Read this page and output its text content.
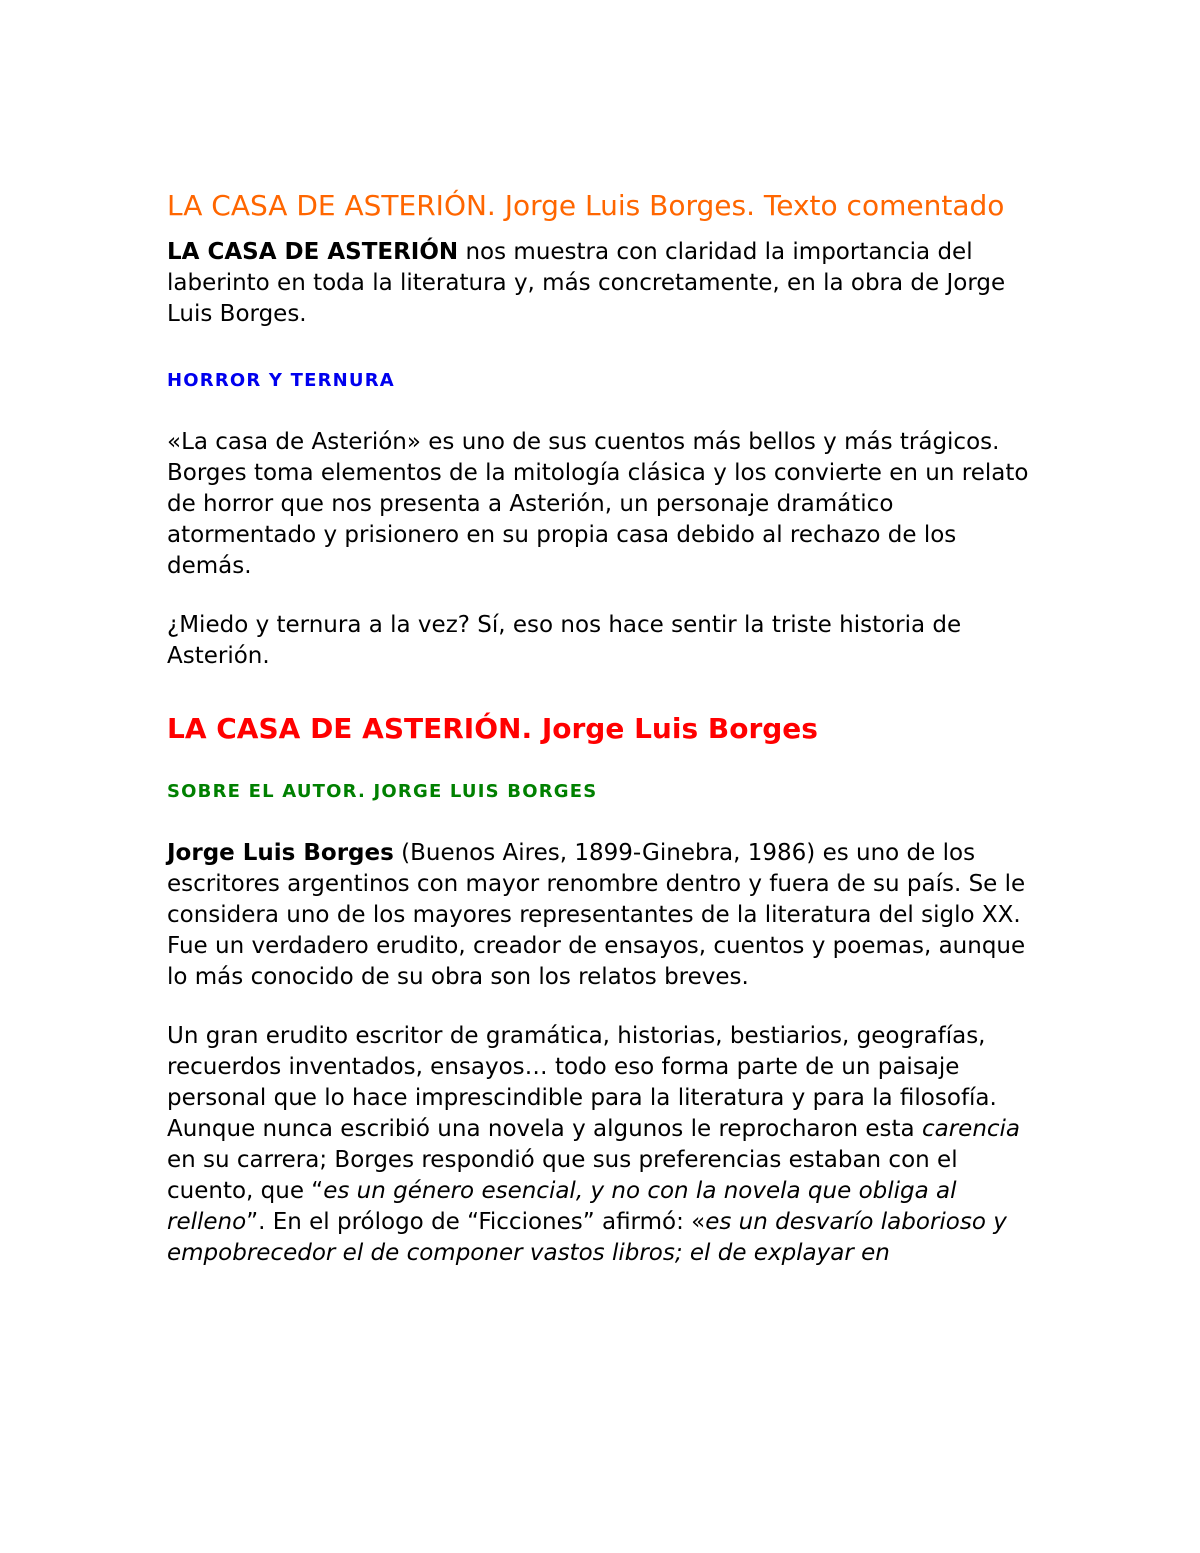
LA CASA DE ASTERIÓN. Jorge Luis Borges. Texto comentado

LA CASA DE ASTERIÓN nos muestra con claridad la importancia del laberinto en toda la literatura y, más concretamente, en la obra de Jorge Luis Borges.

HORROR Y TERNURA

«La casa de Asterión» es uno de sus cuentos más bellos y más trágicos. Borges toma elementos de la mitología clásica y los convierte en un relato de horror que nos presenta a Asterión, un personaje dramático atormentado y prisionero en su propia casa debido al rechazo de los demás.

¿Miedo y ternura a la vez? Sí, eso nos hace sentir la triste historia de Asterión.

LA CASA DE ASTERIÓN. Jorge Luis Borges
SOBRE EL AUTOR. JORGE LUIS BORGES

Jorge Luis Borges (Buenos Aires, 1899-Ginebra, 1986) es uno de los escritores argentinos con mayor renombre dentro y fuera de su país. Se le considera uno de los mayores representantes de la literatura del siglo XX. Fue un verdadero erudito, creador de ensayos, cuentos y poemas, aunque lo más conocido de su obra son los relatos breves.

Un gran erudito escritor de gramática, historias, bestiarios, geografías, recuerdos inventados, ensayos… todo eso forma parte de un paisaje personal que lo hace imprescindible para la literatura y para la filosofía. Aunque nunca escribió una novela y algunos le reprocharon esta carencia en su carrera; Borges respondió que sus preferencias estaban con el cuento, que “es un género esencial, y no con la novela que obliga al relleno”. En el prólogo de “Ficciones” afirmó: «es un desvarío laborioso y empobrecedor el de componer vastos libros; el de explayar en
